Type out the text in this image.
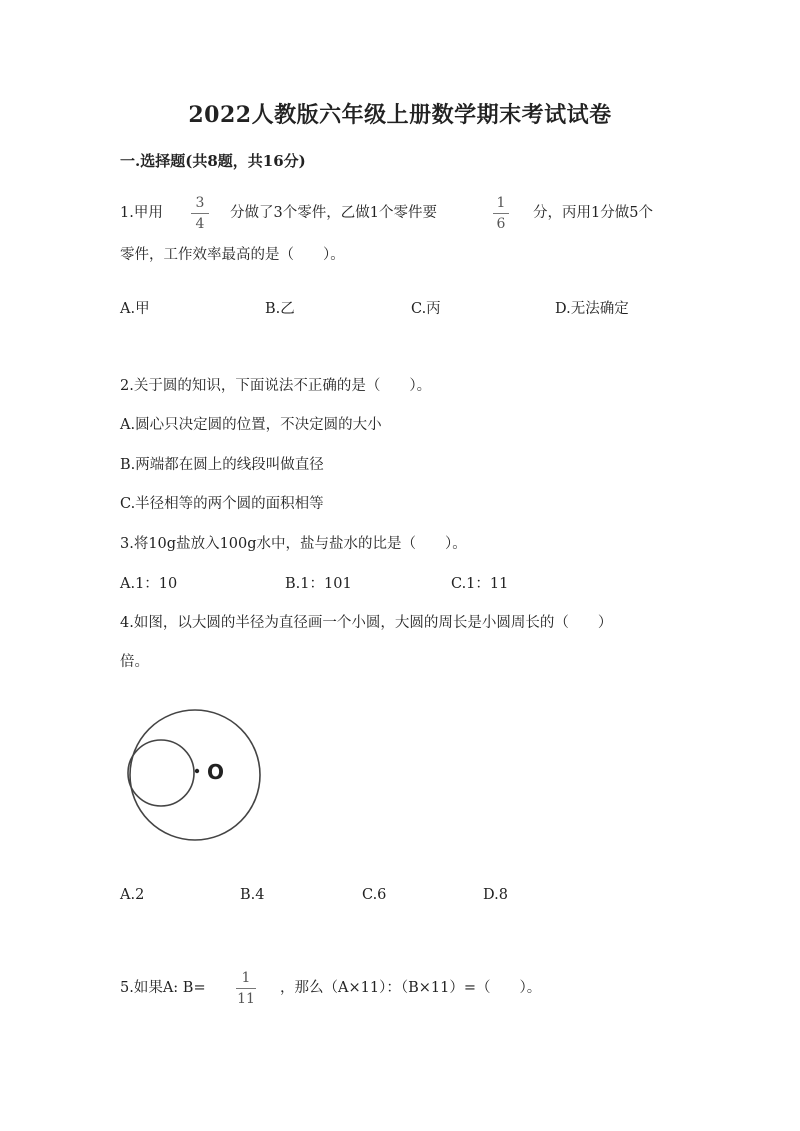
2022人教版六年级上册数学期末考试试卷
一.选择题(共8题，共16分)
1.甲用
3
4
分做了3个零件，乙做1个零件要
1
6
分，丙用1分做5个
零件，工作效率最高的是（　　）。
A.甲	B.乙	C.丙	D.无法确定
2.关于圆的知识，下面说法不正确的是（　　）。
A.圆心只决定圆的位置，不决定圆的大小
B.两端都在圆上的线段叫做直径
C.半径相等的两个圆的面积相等
3.将10g盐放入100g水中，盐与盐水的比是（　　）。
A.1：10	B.1：101	C.1：11
4.如图，以大圆的半径为直径画一个小圆，大圆的周长是小圆周长的（　　）
倍。
O
A.2	B.4	C.6	D.8
5.如果A: B=
1
11
，那么（A×11）：（B×11）=（　　）。
